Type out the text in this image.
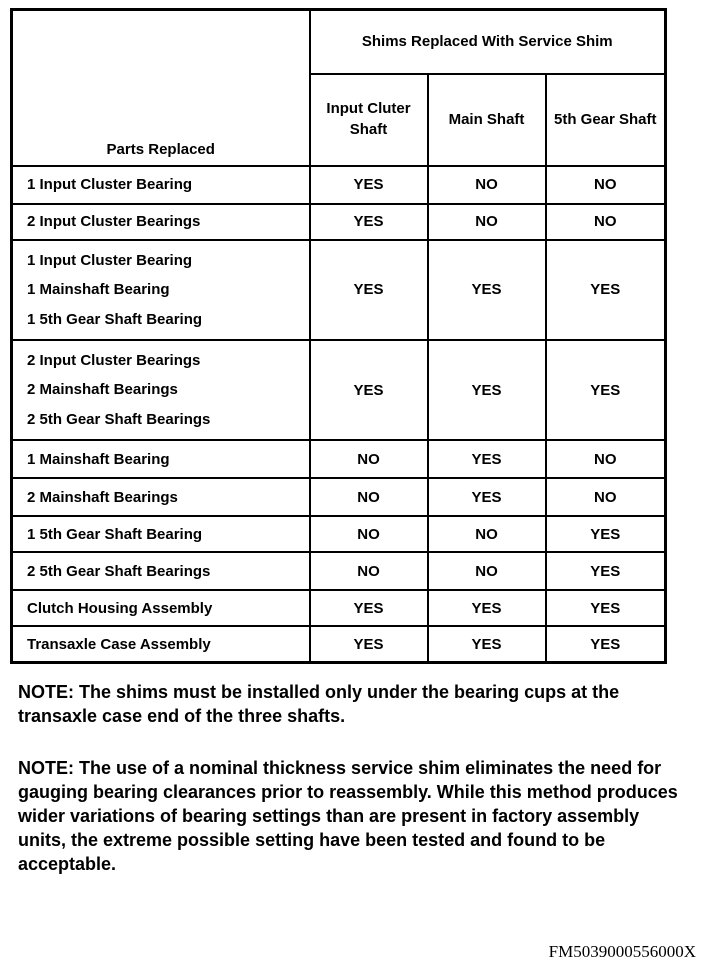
Parts Replaced	Shims Replaced With Service Shim		
	Input Cluter Shaft	Main Shaft	5th Gear Shaft

1 Input Cluster Bearing	YES	NO	NO

2 Input Cluster Bearings	YES	NO	NO

1 Input Cluster Bearing
1 Mainshaft Bearing
1 5th Gear Shaft Bearing	YES	YES	YES

2 Input Cluster Bearings
2 Mainshaft Bearings
2 5th Gear Shaft Bearings	YES	YES	YES

1 Mainshaft Bearing	NO	YES	NO

2 Mainshaft Bearings	NO	YES	NO

1 5th Gear Shaft Bearing	NO	NO	YES

2 5th Gear Shaft Bearings	NO	NO	YES

Clutch Housing Assembly	YES	YES	YES

Transaxle Case Assembly	YES	YES	YES

NOTE: The shims must be installed only under the bearing cups at the transaxle case end of the three shafts.

NOTE: The use of a nominal thickness service shim eliminates the need for gauging bearing clearances prior to reassembly. While this method produces wider variations of bearing settings than are present in factory assembly units, the extreme possible setting have been tested and found to be acceptable.

FM5039000556000X
